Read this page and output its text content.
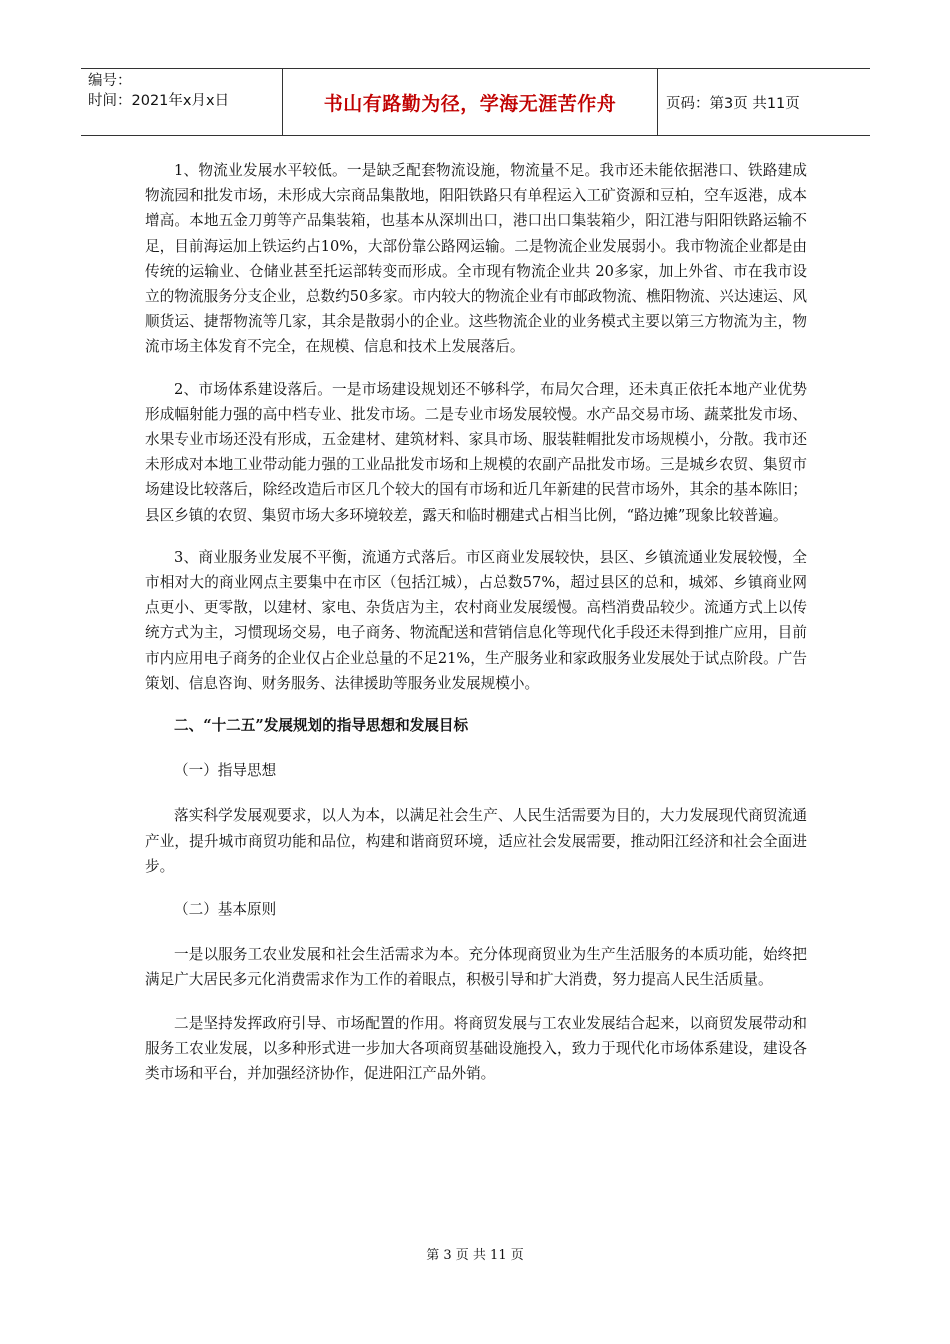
编号：
时间：2021年x月x日	书山有路勤为径，学海无涯苦作舟	页码：第3页 共11页

1、物流业发展水平较低。一是缺乏配套物流设施，物流量不足。我市还未能依据港口、铁路建成物流园和批发市场，未形成大宗商品集散地，阳阳铁路只有单程运入工矿资源和豆柏，空车返港，成本增高。本地五金刀剪等产品集装箱，也基本从深圳出口，港口出口集装箱少，阳江港与阳阳铁路运输不足，目前海运加上铁运约占10%，大部份靠公路网运输。二是物流企业发展弱小。我市物流企业都是由传统的运输业、仓储业甚至托运部转变而形成。全市现有物流企业共 20多家，加上外省、市在我市设立的物流服务分支企业，总数约50多家。市内较大的物流企业有市邮政物流、樵阳物流、兴达速运、风顺货运、捷帮物流等几家，其余是散弱小的企业。这些物流企业的业务模式主要以第三方物流为主，物流市场主体发育不完全，在规模、信息和技术上发展落后。

2、市场体系建设落后。一是市场建设规划还不够科学，布局欠合理，还未真正依托本地产业优势形成幅射能力强的高中档专业、批发市场。二是专业市场发展较慢。水产品交易市场、蔬菜批发市场、水果专业市场还没有形成，五金建材、建筑材料、家具市场、服装鞋帽批发市场规模小，分散。我市还未形成对本地工业带动能力强的工业品批发市场和上规模的农副产品批发市场。三是城乡农贸、集贸市场建设比较落后，除经改造后市区几个较大的国有市场和近几年新建的民营市场外，其余的基本陈旧；县区乡镇的农贸、集贸市场大多环境较差，露天和临时棚建式占相当比例，“路边摊”现象比较普遍。

3、商业服务业发展不平衡，流通方式落后。市区商业发展较快，县区、乡镇流通业发展较慢，全市相对大的商业网点主要集中在市区（包括江城），占总数57%，超过县区的总和，城郊、乡镇商业网点更小、更零散，以建材、家电、杂货店为主，农村商业发展缓慢。高档消费品较少。流通方式上以传统方式为主，习惯现场交易，电子商务、物流配送和营销信息化等现代化手段还未得到推广应用，目前市内应用电子商务的企业仅占企业总量的不足21%，生产服务业和家政服务业发展处于试点阶段。广告策划、信息咨询、财务服务、法律援助等服务业发展规模小。

二、“十二五”发展规划的指导思想和发展目标

（一）指导思想

落实科学发展观要求，以人为本，以满足社会生产、人民生活需要为目的，大力发展现代商贸流通产业，提升城市商贸功能和品位，构建和谐商贸环境，适应社会发展需要，推动阳江经济和社会全面进步。

（二）基本原则

一是以服务工农业发展和社会生活需求为本。充分体现商贸业为生产生活服务的本质功能，始终把满足广大居民多元化消费需求作为工作的着眼点，积极引导和扩大消费，努力提高人民生活质量。

二是坚持发挥政府引导、市场配置的作用。将商贸发展与工农业发展结合起来，以商贸发展带动和服务工农业发展，以多种形式进一步加大各项商贸基础设施投入，致力于现代化市场体系建设，建设各类市场和平台，并加强经济协作，促进阳江产品外销。

第 3 页 共 11 页
